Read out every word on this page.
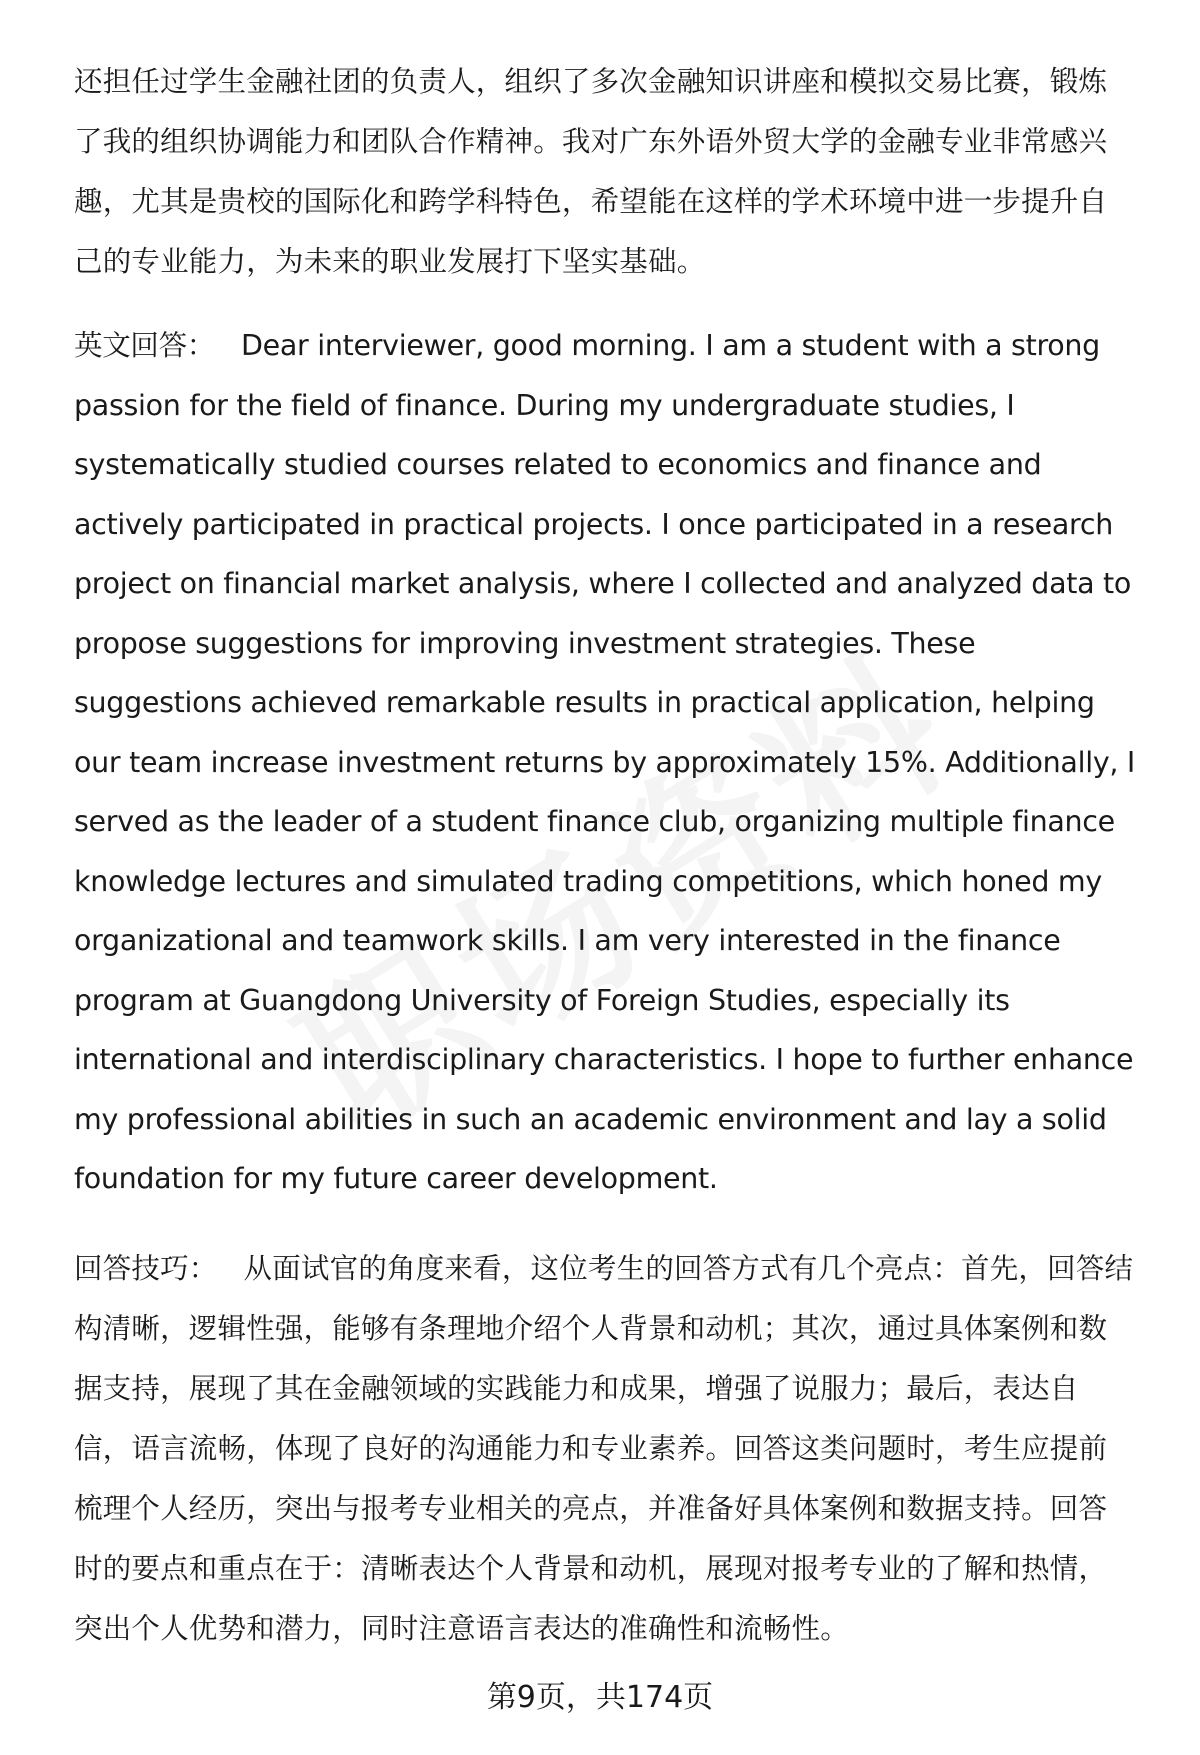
还担任过学生金融社团的负责人，组织了多次金融知识讲座和模拟交易比赛，锻炼
了我的组织协调能力和团队合作精神。我对广东外语外贸大学的金融专业非常感兴
趣，尤其是贵校的国际化和跨学科特色，希望能在这样的学术环境中进一步提升自
己的专业能力，为未来的职业发展打下坚实基础。
英文回答： Dear interviewer, good morning. I am a student with a strong
passion for the field of finance. During my undergraduate studies, I
systematically studied courses related to economics and finance and
actively participated in practical projects. I once participated in a research
project on financial market analysis, where I collected and analyzed data to
propose suggestions for improving investment strategies. These
suggestions achieved remarkable results in practical application, helping
our team increase investment returns by approximately 15%. Additionally, I
served as the leader of a student finance club, organizing multiple finance
knowledge lectures and simulated trading competitions, which honed my
organizational and teamwork skills. I am very interested in the finance
program at Guangdong University of Foreign Studies, especially its
international and interdisciplinary characteristics. I hope to further enhance
my professional abilities in such an academic environment and lay a solid
foundation for my future career development.
回答技巧： 从面试官的角度来看，这位考生的回答方式有几个亮点：首先，回答结
构清晰，逻辑性强，能够有条理地介绍个人背景和动机；其次，通过具体案例和数
据支持，展现了其在金融领域的实践能力和成果，增强了说服力；最后，表达自
信，语言流畅，体现了良好的沟通能力和专业素养。回答这类问题时，考生应提前
梳理个人经历，突出与报考专业相关的亮点，并准备好具体案例和数据支持。回答
时的要点和重点在于：清晰表达个人背景和动机，展现对报考专业的了解和热情，
突出个人优势和潜力，同时注意语言表达的准确性和流畅性。
第9页，共174页
